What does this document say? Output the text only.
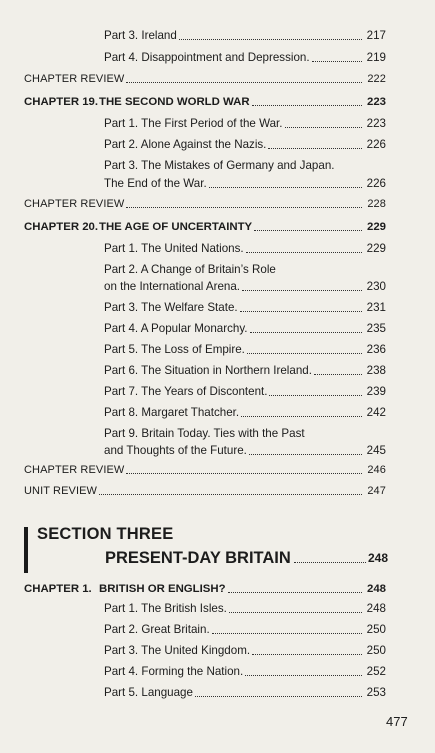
Part 3. Ireland	217
Part 4. Disappointment and Depression.	219
CHAPTER REVIEW	222
CHAPTER 19. THE SECOND WORLD WAR	223
Part 1. The First Period of the War.	223
Part 2. Alone Against the Nazis.	226
Part 3. The Mistakes of Germany and Japan.
The End of the War.	226
CHAPTER REVIEW	228
CHAPTER 20. THE AGE OF UNCERTAINTY	229
Part 1. The United Nations.	229
Part 2. A Change of Britain’s Role
on the International Arena.	230
Part 3. The Welfare State.	231
Part 4. A Popular Monarchy.	235
Part 5. The Loss of Empire.	236
Part 6. The Situation in Northern Ireland.	238
Part 7. The Years of Discontent.	239
Part 8. Margaret Thatcher.	242
Part 9. Britain Today. Ties with the Past
and Thoughts of the Future.	245
CHAPTER REVIEW	246
UNIT REVIEW	247
SECTION THREE
PRESENT-DAY BRITAIN	248
CHAPTER 1. BRITISH OR ENGLISH?	248
Part 1. The British Isles.	248
Part 2. Great Britain.	250
Part 3. The United Kingdom.	250
Part 4. Forming the Nation.	252
Part 5. Language	253
477
